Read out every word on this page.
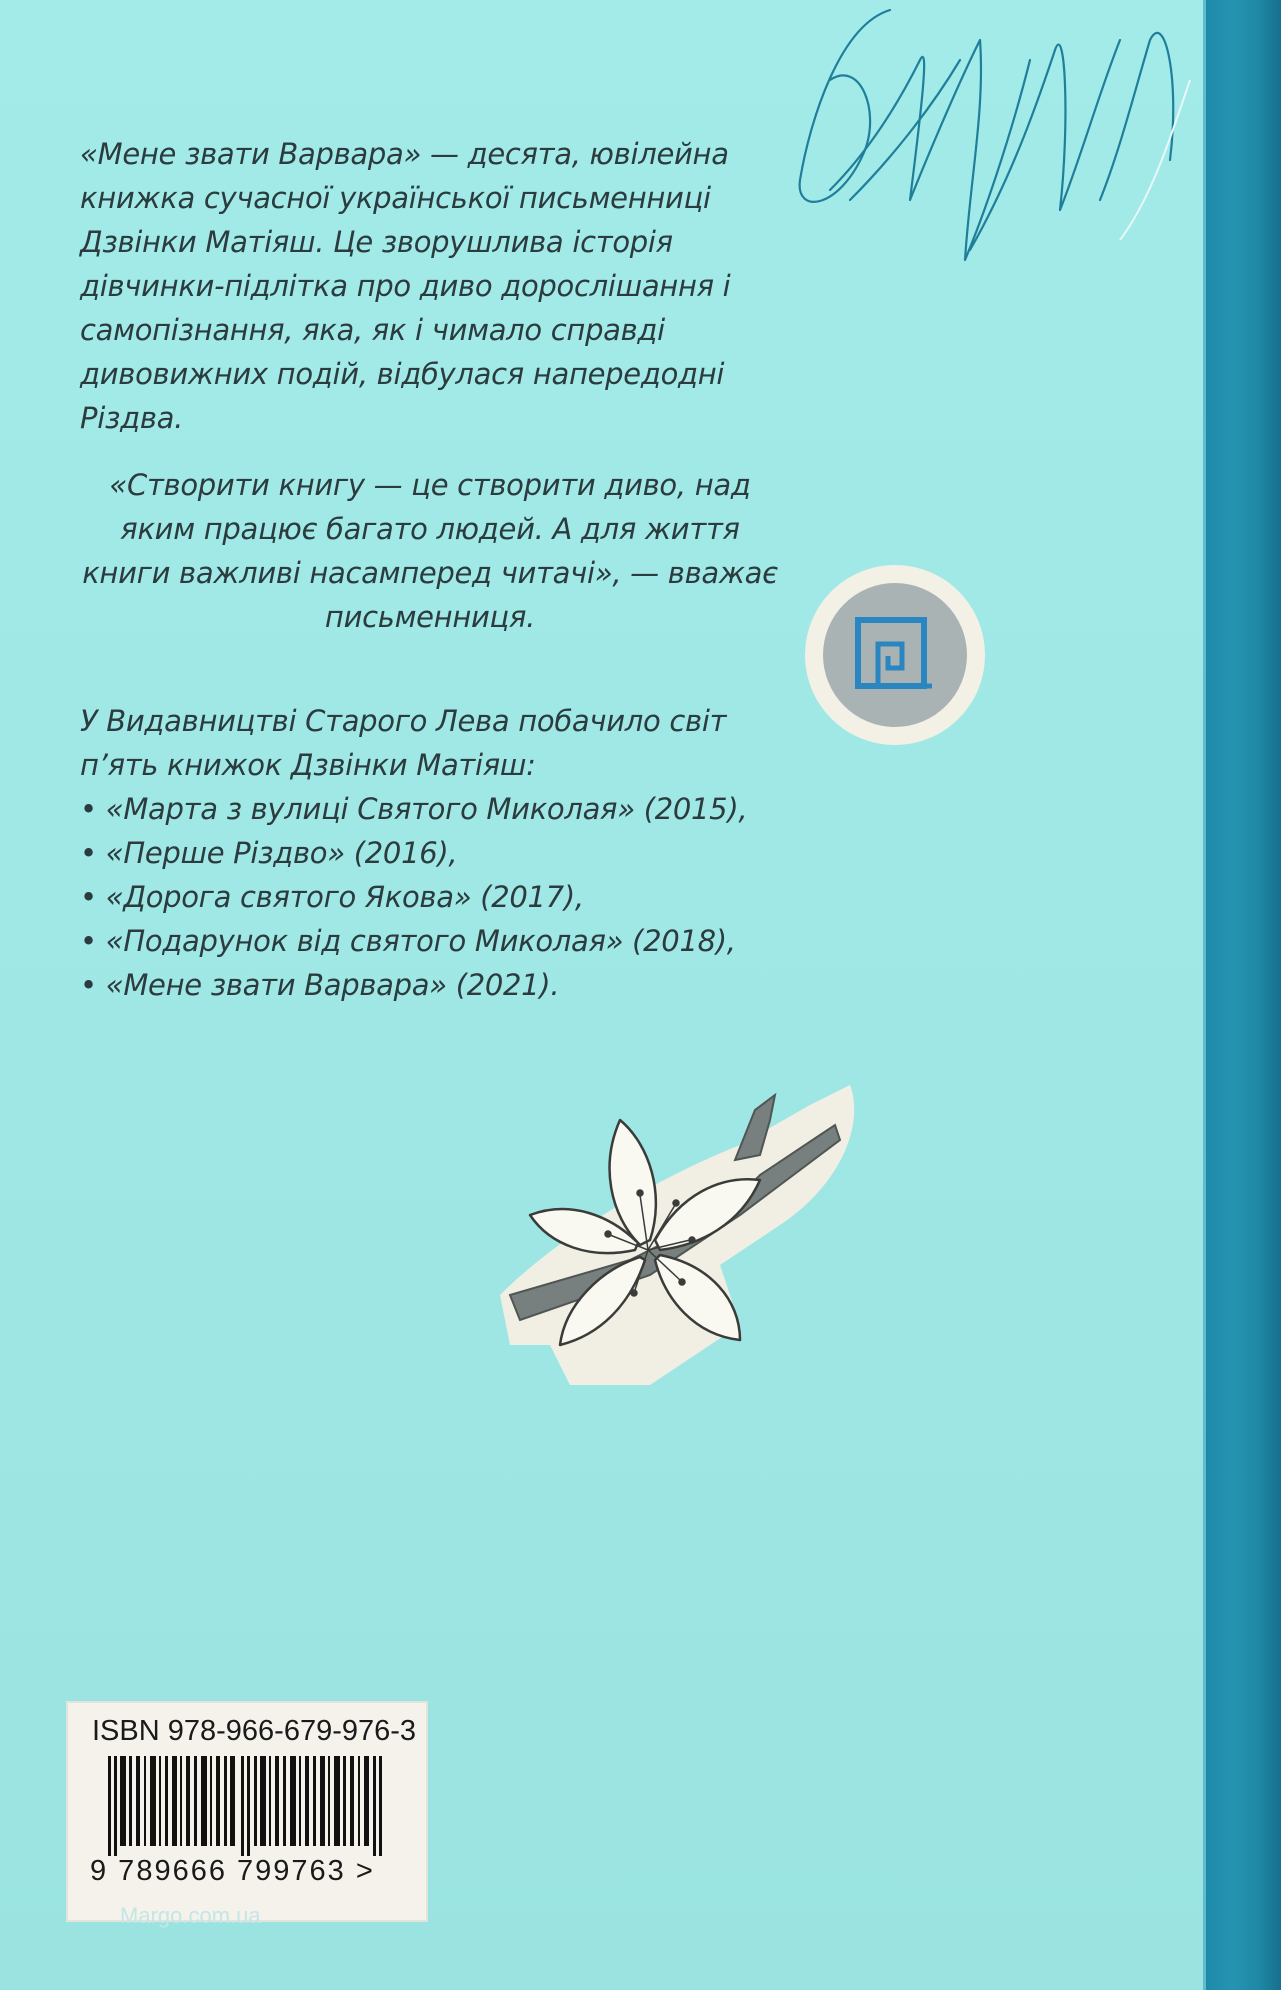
«Мене звати Варвара» — десята, ювілейна книжка сучасної української письменниці Дзвінки Матіяш. Це зворушлива історія дівчинки-підлітка про диво дорослішання і самопізнання, яка, як і чимало справді дивовижних подій, відбулася напередодні Різдва.

«Створити книгу — це створити диво, над яким працює багато людей. А для життя книги важливі насамперед читачі», — вважає письменниця.

У Видавництві Старого Лева побачило світ п’ять книжок Дзвінки Матіяш:

• «Марта з вулиці Святого Миколая» (2015),
• «Перше Різдво» (2016),
• «Дорога святого Якова» (2017),
• «Подарунок від святого Миколая» (2018),
• «Мене звати Варвара» (2021).
ISBN 978-966-679-976-3
9 789666 799763 >
Margo.com.ua
